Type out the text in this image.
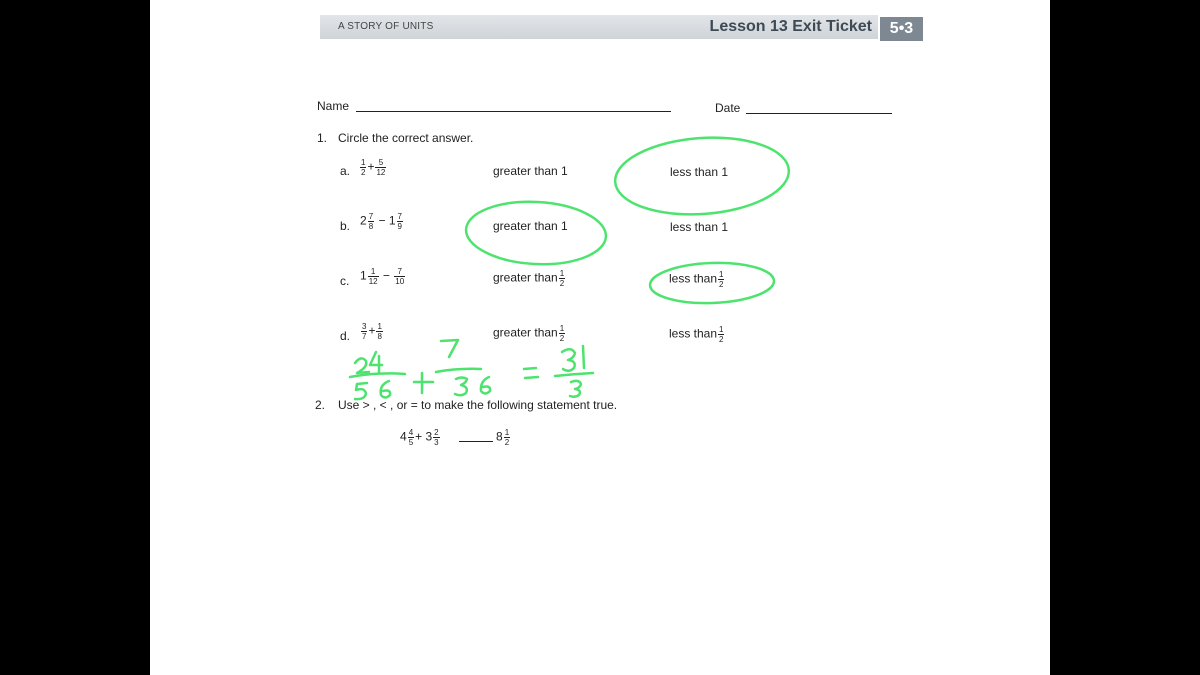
A STORY OF UNITS	Lesson 13 Exit Ticket	5•3
Name	Date
1. Circle the correct answer.
a. $\frac{1}{2} + \frac{5}{12}$	greater than 1	less than 1
b. $2 \frac{7}{8} - 1 \frac{7}{9}$	greater than 1	less than 1
c. $1 \frac{1}{12} - \frac{7}{10}$	greater than $\frac{1}{2}$	less than $\frac{1}{2}$
d. $\frac{3}{7} + \frac{1}{8}$	greater than $\frac{1}{2}$	less than $\frac{1}{2}$
2. Use > , < , or = to make the following statement true.
$4 \frac{4}{5} + 3 \frac{2}{3}$	$8 \frac{1}{2}$
